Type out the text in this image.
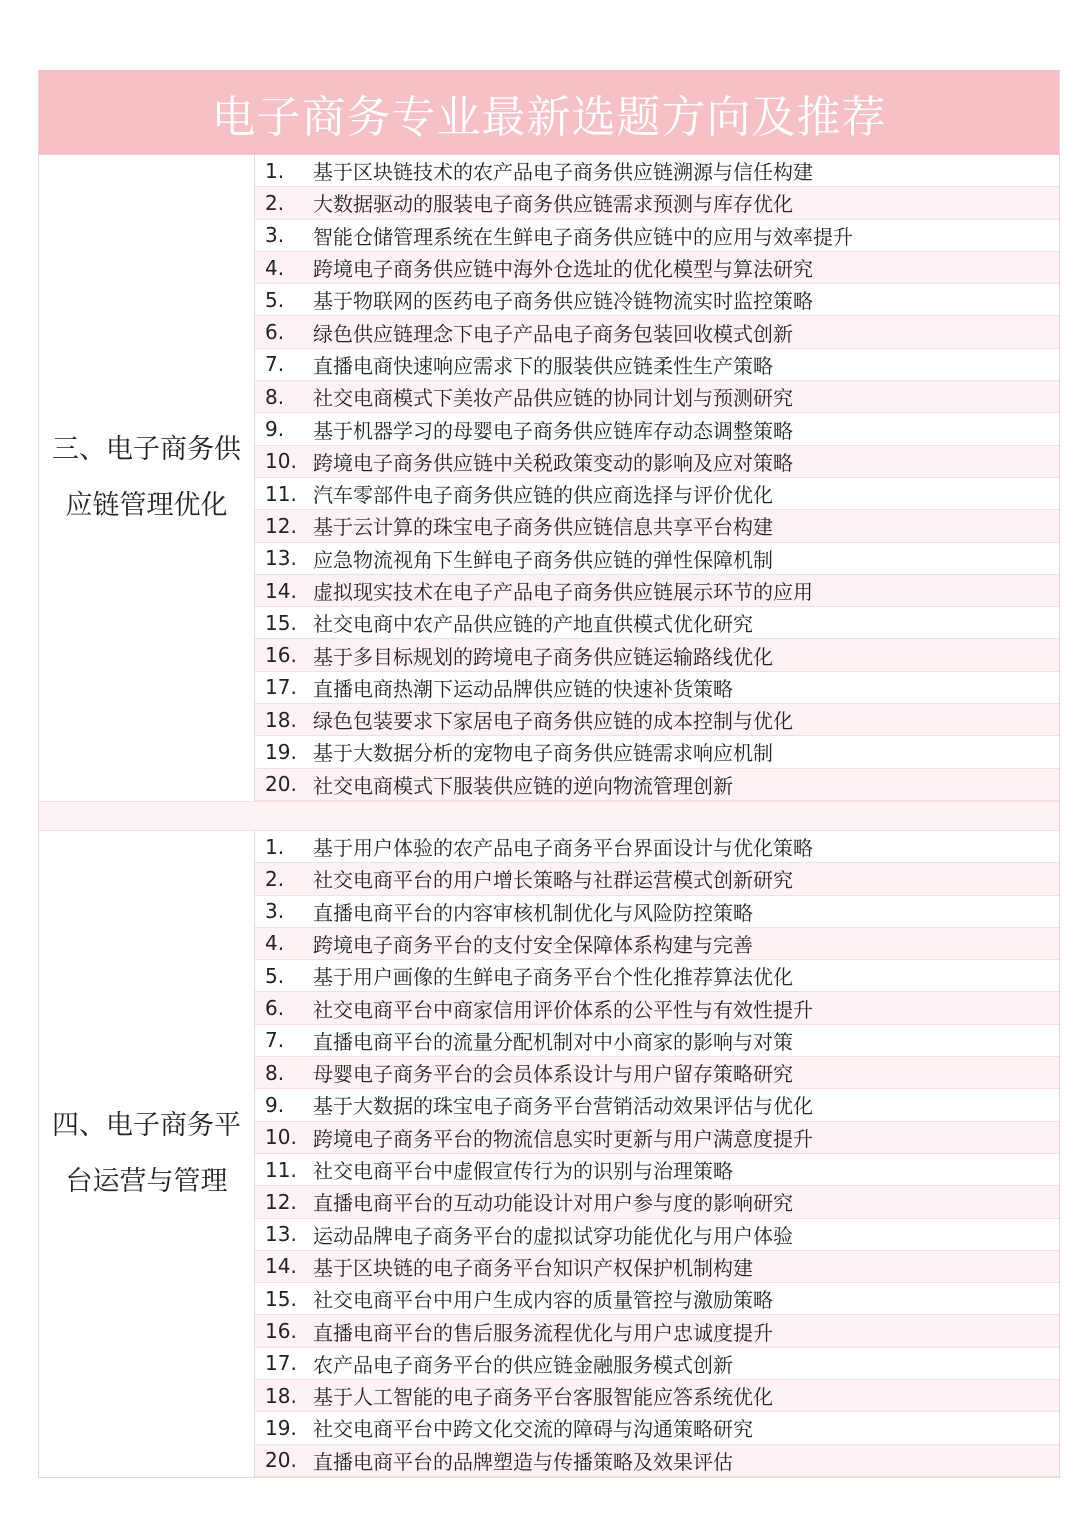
电子商务专业最新选题方向及推荐
三、电子商务供应链管理优化
1.	基于区块链技术的农产品电子商务供应链溯源与信任构建
2.	大数据驱动的服装电子商务供应链需求预测与库存优化
3.	智能仓储管理系统在生鲜电子商务供应链中的应用与效率提升
4.	跨境电子商务供应链中海外仓选址的优化模型与算法研究
5.	基于物联网的医药电子商务供应链冷链物流实时监控策略
6.	绿色供应链理念下电子产品电子商务包装回收模式创新
7.	直播电商快速响应需求下的服装供应链柔性生产策略
8.	社交电商模式下美妆产品供应链的协同计划与预测研究
9.	基于机器学习的母婴电子商务供应链库存动态调整策略
10. 跨境电子商务供应链中关税政策变动的影响及应对策略
11. 汽车零部件电子商务供应链的供应商选择与评价优化
12. 基于云计算的珠宝电子商务供应链信息共享平台构建
13. 应急物流视角下生鲜电子商务供应链的弹性保障机制
14. 虚拟现实技术在电子产品电子商务供应链展示环节的应用
15. 社交电商中农产品供应链的产地直供模式优化研究
16. 基于多目标规划的跨境电子商务供应链运输路线优化
17. 直播电商热潮下运动品牌供应链的快速补货策略
18. 绿色包装要求下家居电子商务供应链的成本控制与优化
19. 基于大数据分析的宠物电子商务供应链需求响应机制
20. 社交电商模式下服装供应链的逆向物流管理创新
四、电子商务平台运营与管理
1.	基于用户体验的农产品电子商务平台界面设计与优化策略
2.	社交电商平台的用户增长策略与社群运营模式创新研究
3.	直播电商平台的内容审核机制优化与风险防控策略
4.	跨境电子商务平台的支付安全保障体系构建与完善
5.	基于用户画像的生鲜电子商务平台个性化推荐算法优化
6.	社交电商平台中商家信用评价体系的公平性与有效性提升
7.	直播电商平台的流量分配机制对中小商家的影响与对策
8.	母婴电子商务平台的会员体系设计与用户留存策略研究
9.	基于大数据的珠宝电子商务平台营销活动效果评估与优化
10. 跨境电子商务平台的物流信息实时更新与用户满意度提升
11. 社交电商平台中虚假宣传行为的识别与治理策略
12. 直播电商平台的互动功能设计对用户参与度的影响研究
13. 运动品牌电子商务平台的虚拟试穿功能优化与用户体验
14. 基于区块链的电子商务平台知识产权保护机制构建
15. 社交电商平台中用户生成内容的质量管控与激励策略
16. 直播电商平台的售后服务流程优化与用户忠诚度提升
17. 农产品电子商务平台的供应链金融服务模式创新
18. 基于人工智能的电子商务平台客服智能应答系统优化
19. 社交电商平台中跨文化交流的障碍与沟通策略研究
20. 直播电商平台的品牌塑造与传播策略及效果评估
